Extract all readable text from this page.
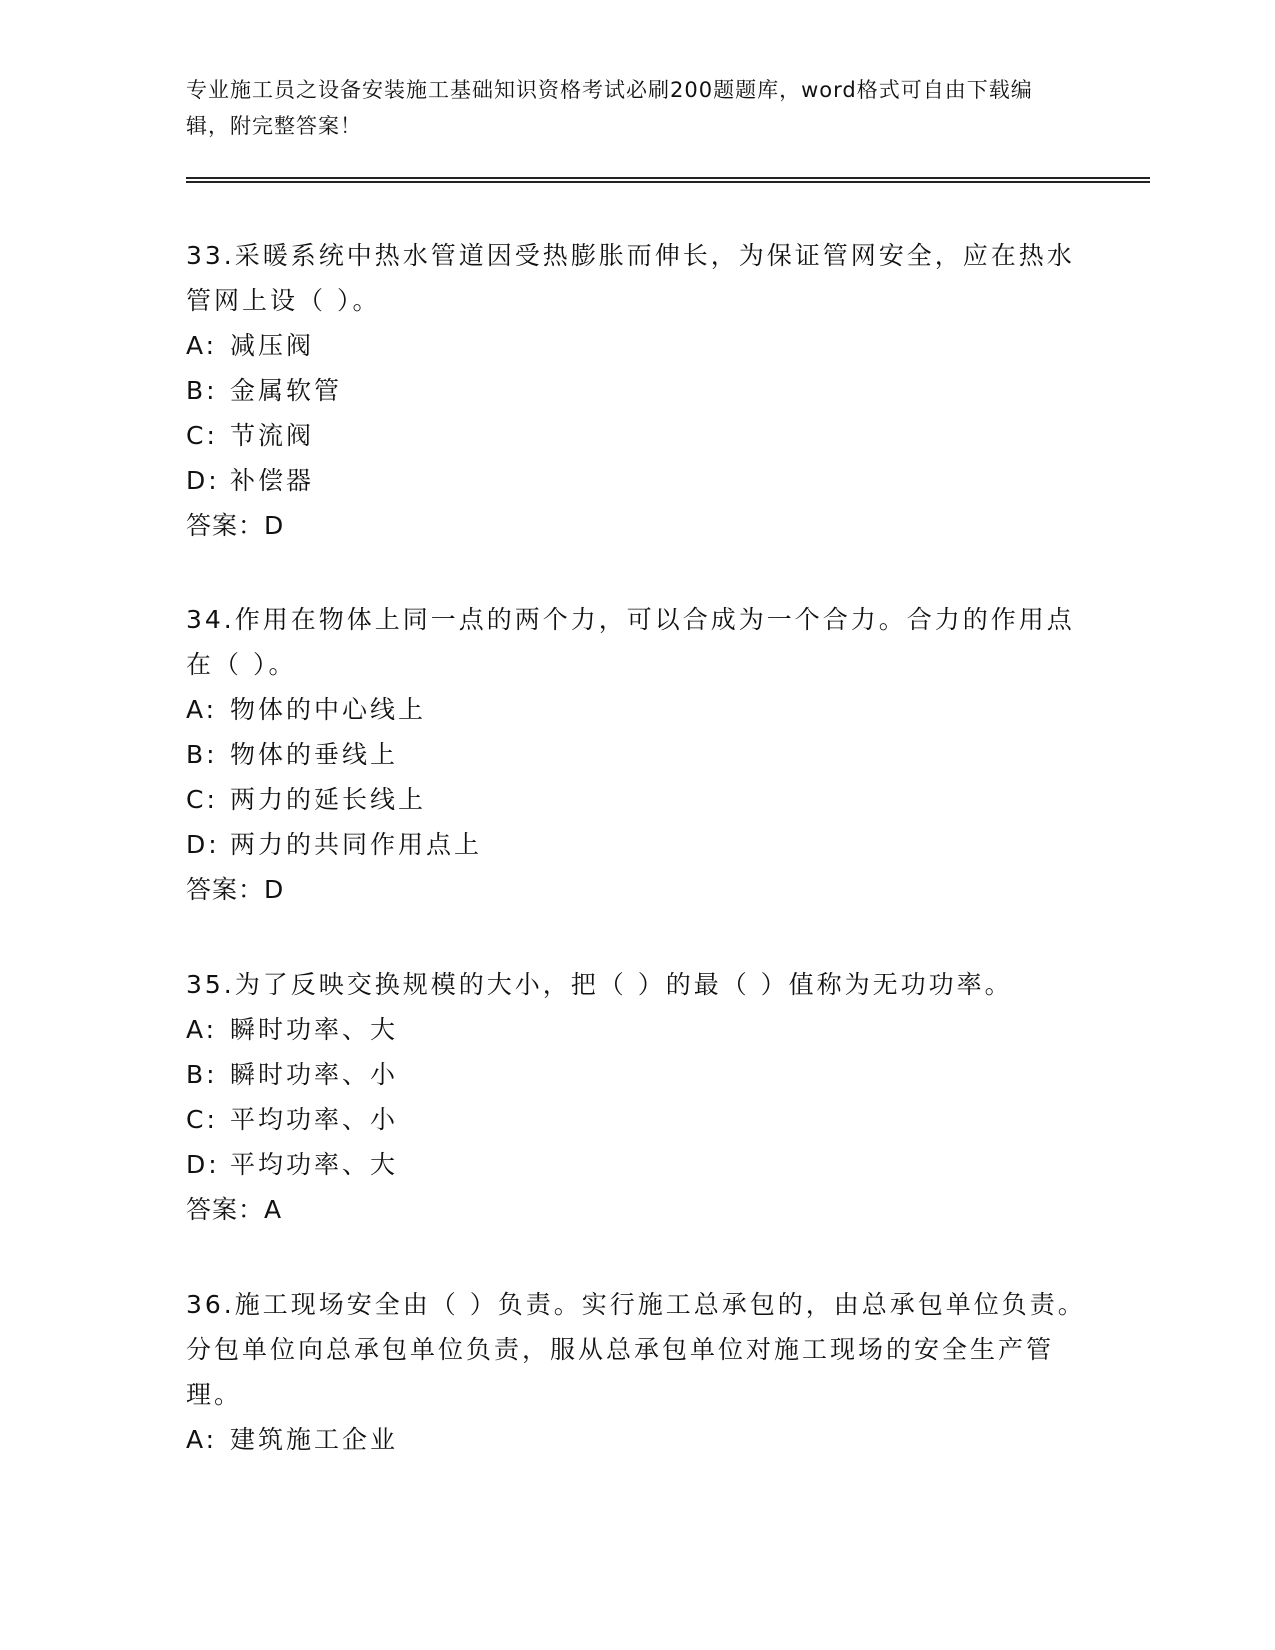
专业施工员之设备安装施工基础知识资格考试必刷200题题库，word格式可自由下载编辑，附完整答案！
33.采暖系统中热水管道因受热膨胀而伸长，为保证管网安全，应在热水管网上设（ ）。
A: 减压阀
B: 金属软管
C: 节流阀
D: 补偿器
答案：D
34.作用在物体上同一点的两个力，可以合成为一个合力。合力的作用点在（ ）。
A: 物体的中心线上
B: 物体的垂线上
C: 两力的延长线上
D: 两力的共同作用点上
答案：D
35.为了反映交换规模的大小，把（ ）的最（ ）值称为无功功率。
A: 瞬时功率、大
B: 瞬时功率、小
C: 平均功率、小
D: 平均功率、大
答案：A
36.施工现场安全由（ ）负责。实行施工总承包的，由总承包单位负责。分包单位向总承包单位负责，服从总承包单位对施工现场的安全生产管理。
A: 建筑施工企业
